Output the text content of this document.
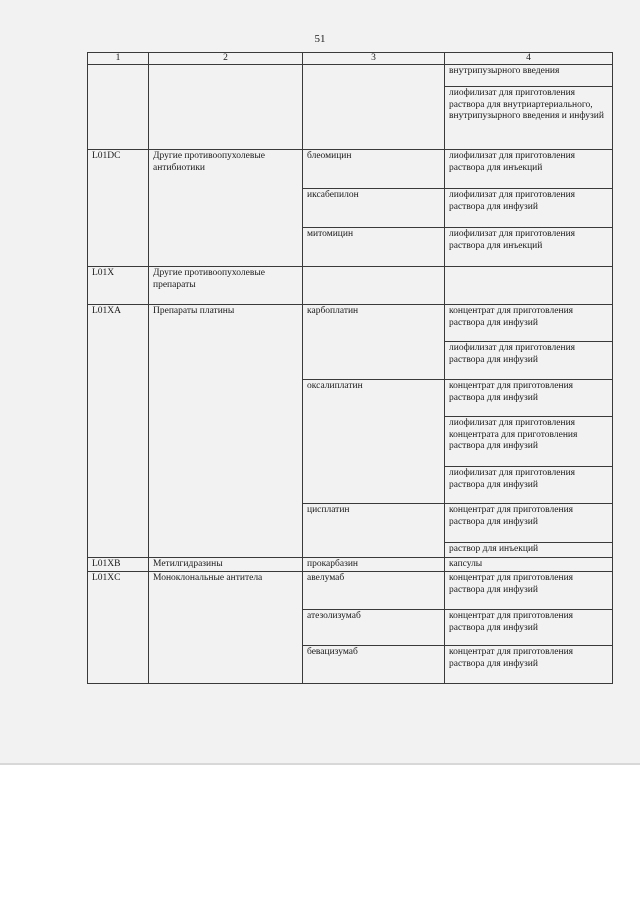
51
1	2	3	4
			внутрипузырного введения
			лиофилизат для приготовления раствора для внутриартериального, внутрипузырного введения и инфузий
L01DC	Другие противоопухолевые антибиотики	блеомицин	лиофилизат для приготовления раствора для инъекций
		иксабепилон	лиофилизат для приготовления раствора для инфузий
		митомицин	лиофилизат для приготовления раствора для инъекций
L01X	Другие противоопухолевые препараты		
L01XA	Препараты платины	карбоплатин	концентрат для приготовления раствора для инфузий
			лиофилизат для приготовления раствора для инфузий
		оксалиплатин	концентрат для приготовления раствора для инфузий
			лиофилизат для приготовления концентрата для приготовления раствора для инфузий
			лиофилизат для приготовления раствора для инфузий
		цисплатин	концентрат для приготовления раствора для инфузий
			раствор для инъекций
L01XB	Метилгидразины	прокарбазин	капсулы
L01XC	Моноклональные антитела	авелумаб	концентрат для приготовления раствора для инфузий
		атезолизумаб	концентрат для приготовления раствора для инфузий
		бевацизумаб	концентрат для приготовления раствора для инфузий
